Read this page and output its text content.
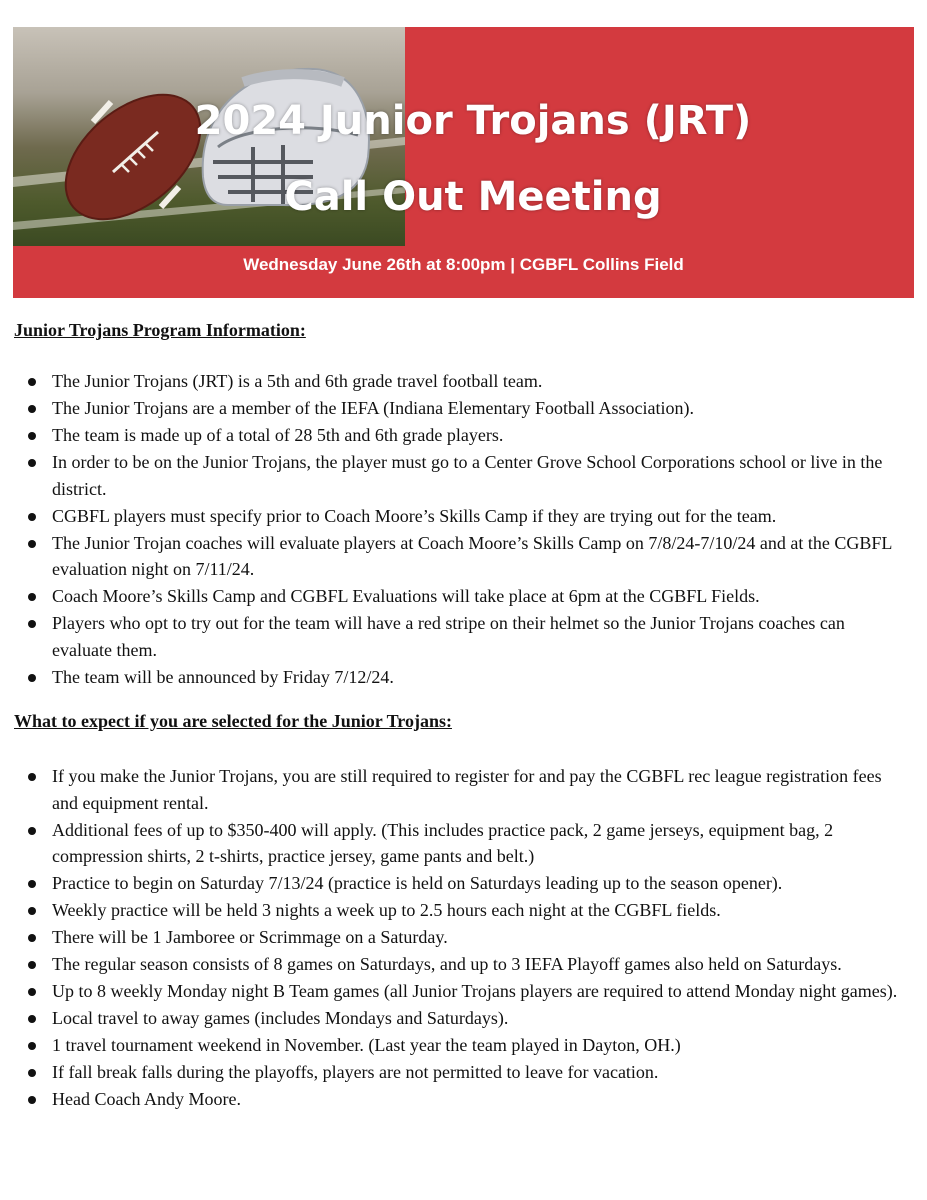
2024 Junior Trojans (JRT)
Call Out Meeting
Wednesday June 26th at 8:00pm | CGBFL Collins Field

Junior Trojans Program Information:

The Junior Trojans (JRT) is a 5th and 6th grade travel football team.
The Junior Trojans are a member of the IEFA (Indiana Elementary Football Association).
The team is made up of a total of 28 5th and 6th grade players.
In order to be on the Junior Trojans, the player must go to a Center Grove School Corporations school or live in the district.
CGBFL players must specify prior to Coach Moore’s Skills Camp if they are trying out for the team.
The Junior Trojan coaches will evaluate players at Coach Moore’s Skills Camp on 7/8/24-7/10/24 and at the CGBFL evaluation night on 7/11/24.
Coach Moore’s Skills Camp and CGBFL Evaluations will take place at 6pm at the CGBFL Fields.
Players who opt to try out for the team will have a red stripe on their helmet so the Junior Trojans coaches can evaluate them.
The team will be announced by Friday 7/12/24.

What to expect if you are selected for the Junior Trojans:

If you make the Junior Trojans, you are still required to register for and pay the CGBFL rec league registration fees and equipment rental.
Additional fees of up to $350-400 will apply. (This includes practice pack, 2 game jerseys, equipment bag, 2 compression shirts, 2 t-shirts, practice jersey, game pants and belt.)
Practice to begin on Saturday 7/13/24 (practice is held on Saturdays leading up to the season opener).
Weekly practice will be held 3 nights a week up to 2.5 hours each night at the CGBFL fields.
There will be 1 Jamboree or Scrimmage on a Saturday.
The regular season consists of 8 games on Saturdays, and up to 3 IEFA Playoff games also held on Saturdays.
Up to 8 weekly Monday night B Team games (all Junior Trojans players are required to attend Monday night games).
Local travel to away games (includes Mondays and Saturdays).
1 travel tournament weekend in November. (Last year the team played in Dayton, OH.)
If fall break falls during the playoffs, players are not permitted to leave for vacation.
Head Coach Andy Moore.
